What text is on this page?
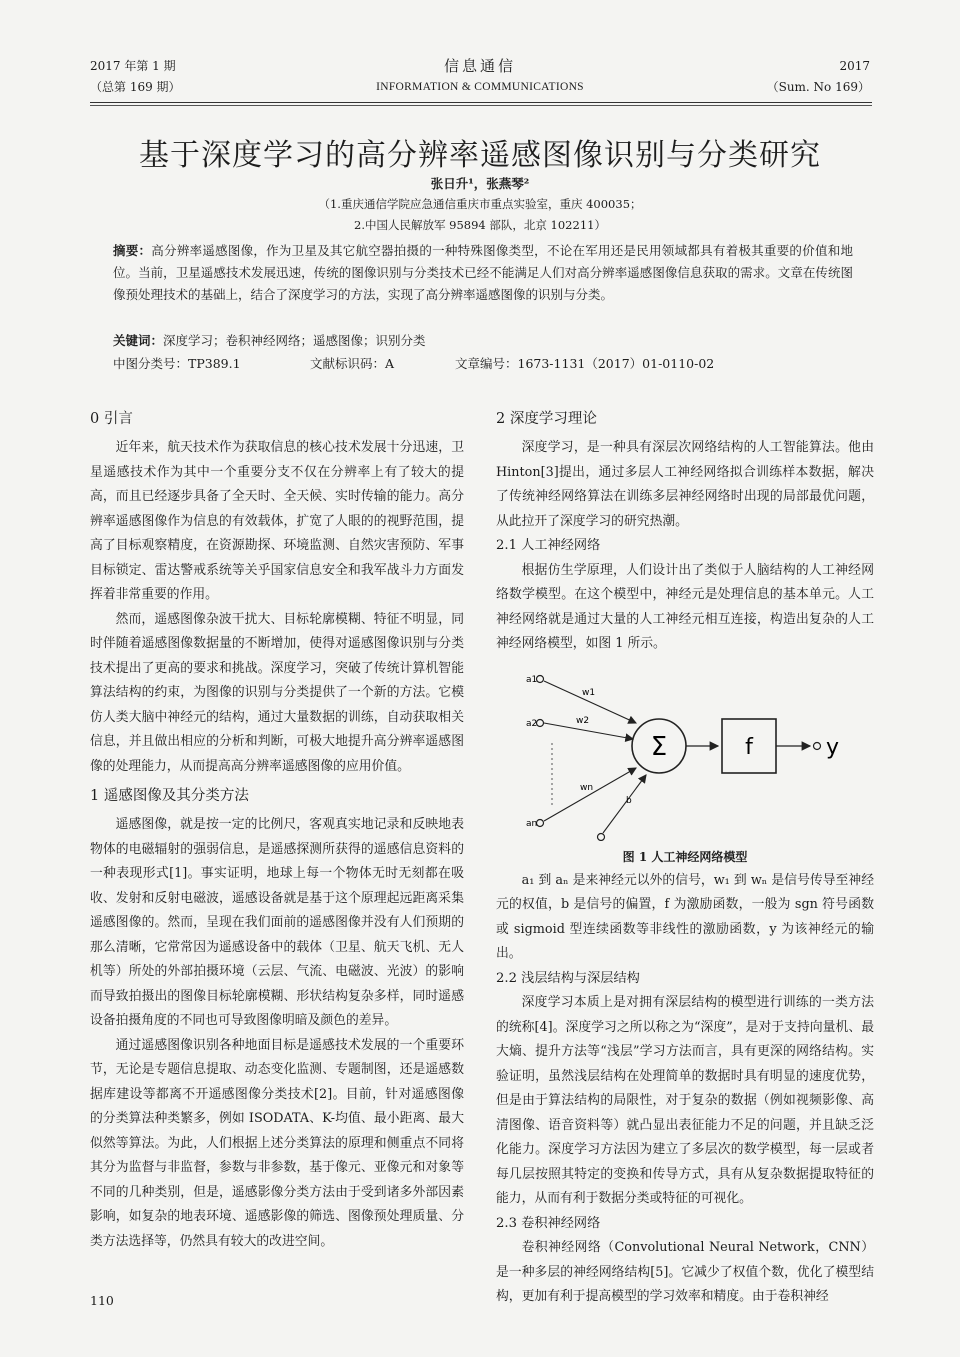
2017 年第 1 期
（总第 169 期）
信息通信
INFORMATION & COMMUNICATIONS
2017
（Sum. No 169）
基于深度学习的高分辨率遥感图像识别与分类研究
张日升¹，张燕琴²
（1.重庆通信学院应急通信重庆市重点实验室，重庆 400035；
2.中国人民解放军 95894 部队，北京 102211）
摘要：高分辨率遥感图像，作为卫星及其它航空器拍摄的一种特殊图像类型，不论在军用还是民用领域都具有着极其重要的价值和地位。当前，卫星遥感技术发展迅速，传统的图像识别与分类技术已经不能满足人们对高分辨率遥感图像信息获取的需求。文章在传统图像预处理技术的基础上，结合了深度学习的方法，实现了高分辨率遥感图像的识别与分类。
关键词：深度学习；卷积神经网络；遥感图像；识别分类
中图分类号：TP389.1	文献标识码：A	文章编号：1673-1131（2017）01-0110-02
0 引言

近年来，航天技术作为获取信息的核心技术发展十分迅速，卫星遥感技术作为其中一个重要分支不仅在分辨率上有了较大的提高，而且已经逐步具备了全天时、全天候、实时传输的能力。高分辨率遥感图像作为信息的有效载体，扩宽了人眼的的视野范围，提高了目标观察精度，在资源勘探、环境监测、自然灾害预防、军事目标锁定、雷达警戒系统等关乎国家信息安全和我军战斗力方面发挥着非常重要的作用。

然而，遥感图像杂波干扰大、目标轮廓模糊、特征不明显，同时伴随着遥感图像数据量的不断增加，使得对遥感图像识别与分类技术提出了更高的要求和挑战。深度学习，突破了传统计算机智能算法结构的约束，为图像的识别与分类提供了一个新的方法。它模仿人类大脑中神经元的结构，通过大量数据的训练，自动获取相关信息，并且做出相应的分析和判断，可极大地提升高分辨率遥感图像的处理能力，从而提高高分辨率遥感图像的应用价值。

1 遥感图像及其分类方法

遥感图像，就是按一定的比例尺，客观真实地记录和反映地表物体的电磁辐射的强弱信息，是遥感探测所获得的遥感信息资料的一种表现形式[1]。事实证明，地球上每一个物体无时无刻都在吸收、发射和反射电磁波，遥感设备就是基于这个原理起远距离采集遥感图像的。然而，呈现在我们面前的遥感图像并没有人们预期的那么清晰，它常常因为遥感设备中的载体（卫星、航天飞机、无人机等）所处的外部拍摄环境（云层、气流、电磁波、光波）的影响而导致拍摄出的图像目标轮廓模糊、形状结构复杂多样，同时遥感设备拍摄角度的不同也可导致图像明暗及颜色的差异。

通过遥感图像识别各种地面目标是遥感技术发展的一个重要环节，无论是专题信息提取、动态变化监测、专题制图，还是遥感数据库建设等都离不开遥感图像分类技术[2]。目前，针对遥感图像的分类算法种类繁多，例如 ISODATA、K-均值、最小距离、最大似然等算法。为此，人们根据上述分类算法的原理和侧重点不同将其分为监督与非监督，参数与非参数，基于像元、亚像元和对象等不同的几种类别，但是，遥感影像分类方法由于受到诸多外部因素影响，如复杂的地表环境、遥感影像的筛选、图像预处理质量、分类方法选择等，仍然具有较大的改进空间。

2 深度学习理论

深度学习，是一种具有深层次网络结构的人工智能算法。他由Hinton[3]提出，通过多层人工神经网络拟合训练样本数据，解决了传统神经网络算法在训练多层神经网络时出现的局部最优问题，从此拉开了深度学习的研究热潮。

2.1 人工神经网络

根据仿生学原理，人们设计出了类似于人脑结构的人工神经网络数学模型。在这个模型中，神经元是处理信息的基本单元。人工神经网络就是通过大量的人工神经元相互连接，构造出复杂的人工神经网络模型，如图 1 所示。

a1
a2
an
w1
w2
wn
b
Σ	f	y
图 1 人工神经网络模型

a₁ 到 aₙ 是来神经元以外的信号，w₁ 到 wₙ 是信号传导至神经元的权值，b 是信号的偏置，f 为激励函数，一般为 sgn 符号函数或 sigmoid 型连续函数等非线性的激励函数，y 为该神经元的输出。

2.2 浅层结构与深层结构

深度学习本质上是对拥有深层结构的模型进行训练的一类方法的统称[4]。深度学习之所以称之为“深度”，是对于支持向量机、最大熵、提升方法等“浅层”学习方法而言，具有更深的网络结构。实验证明，虽然浅层结构在处理简单的数据时具有明显的速度优势，但是由于算法结构的局限性，对于复杂的数据（例如视频影像、高清图像、语音资料等）就凸显出表征能力不足的问题，并且缺乏泛化能力。深度学习方法因为建立了多层次的数学模型，每一层或者每几层按照其特定的变换和传导方式，具有从复杂数据提取特征的能力，从而有利于数据分类或特征的可视化。

2.3 卷积神经网络

卷积神经网络（Convolutional Neural Network，CNN）是一种多层的神经网络结构[5]。它减少了权值个数，优化了模型结构，更加有利于提高模型的学习效率和精度。由于卷积神经

110
